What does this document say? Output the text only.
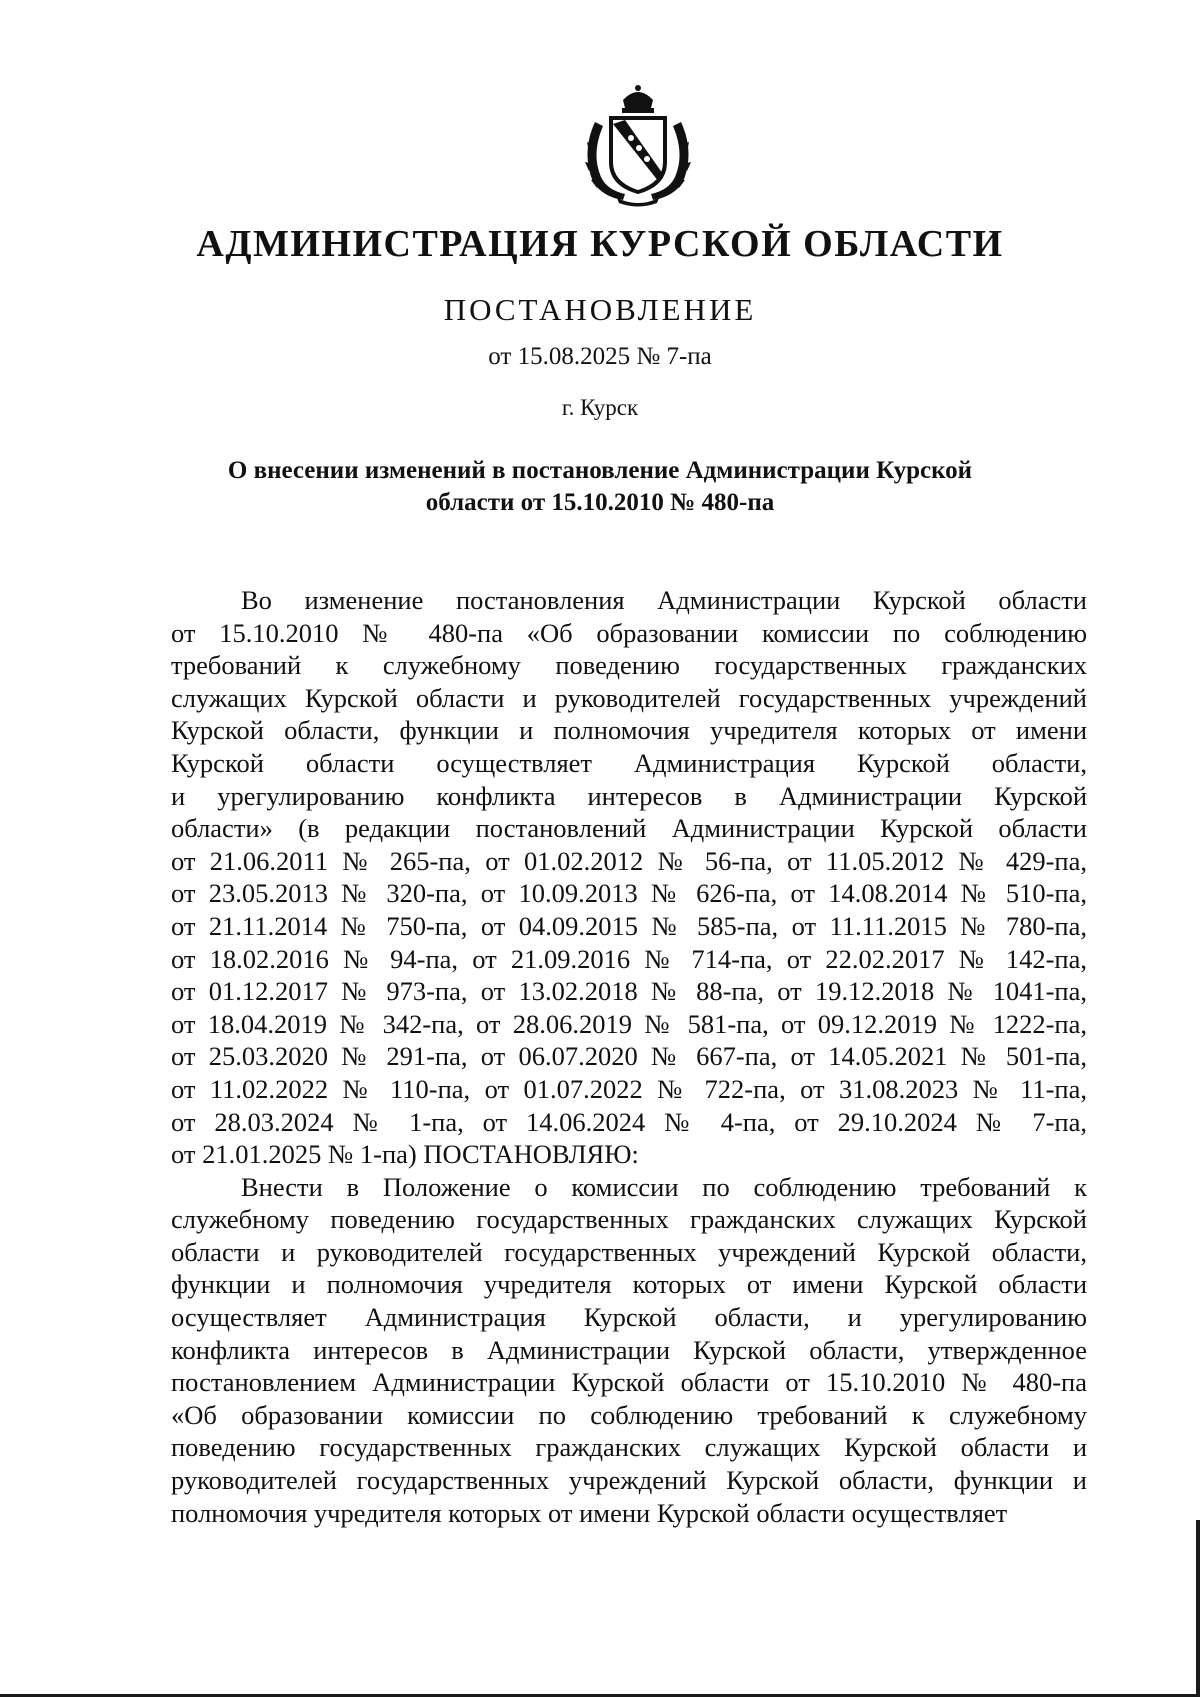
АДМИНИСТРАЦИЯ КУРСКОЙ ОБЛАСТИ
ПОСТАНОВЛЕНИЕ
от 15.08.2025 № 7-па
г. Курск
О внесении изменений в постановление Администрации Курской
области от 15.10.2010 № 480-па
Во изменение постановления Администрации Курской области
от 15.10.2010 № 480-па «Об образовании комиссии по соблюдению
требований к служебному поведению государственных гражданских
служащих Курской области и руководителей государственных учреждений
Курской области, функции и полномочия учредителя которых от имени
Курской области осуществляет Администрация Курской области,
и урегулированию конфликта интересов в Администрации Курской
области» (в редакции постановлений Администрации Курской области
от 21.06.2011 № 265-па, от 01.02.2012 № 56-па, от 11.05.2012 № 429-па,
от 23.05.2013 № 320-па, от 10.09.2013 № 626-па, от 14.08.2014 № 510-па,
от 21.11.2014 № 750-па, от 04.09.2015 № 585-па, от 11.11.2015 № 780-па,
от 18.02.2016 № 94-па, от 21.09.2016 № 714-па, от 22.02.2017 № 142-па,
от 01.12.2017 № 973-па, от 13.02.2018 № 88-па, от 19.12.2018 № 1041-па,
от 18.04.2019 № 342-па, от 28.06.2019 № 581-па, от 09.12.2019 № 1222-па,
от 25.03.2020 № 291-па, от 06.07.2020 № 667-па, от 14.05.2021 № 501-па,
от 11.02.2022 № 110-па, от 01.07.2022 № 722-па, от 31.08.2023 № 11-па,
от 28.03.2024 № 1-па, от 14.06.2024 № 4-па, от 29.10.2024 № 7-па,
от 21.01.2025 № 1-па) ПОСТАНОВЛЯЮ:
Внести в Положение о комиссии по соблюдению требований к
служебному поведению государственных гражданских служащих Курской
области и руководителей государственных учреждений Курской области,
функции и полномочия учредителя которых от имени Курской области
осуществляет Администрация Курской области, и урегулированию
конфликта интересов в Администрации Курской области, утвержденное
постановлением Администрации Курской области от 15.10.2010 № 480-па
«Об образовании комиссии по соблюдению требований к служебному
поведению государственных гражданских служащих Курской области и
руководителей государственных учреждений Курской области, функции и
полномочия учредителя которых от имени Курской области осуществляет
